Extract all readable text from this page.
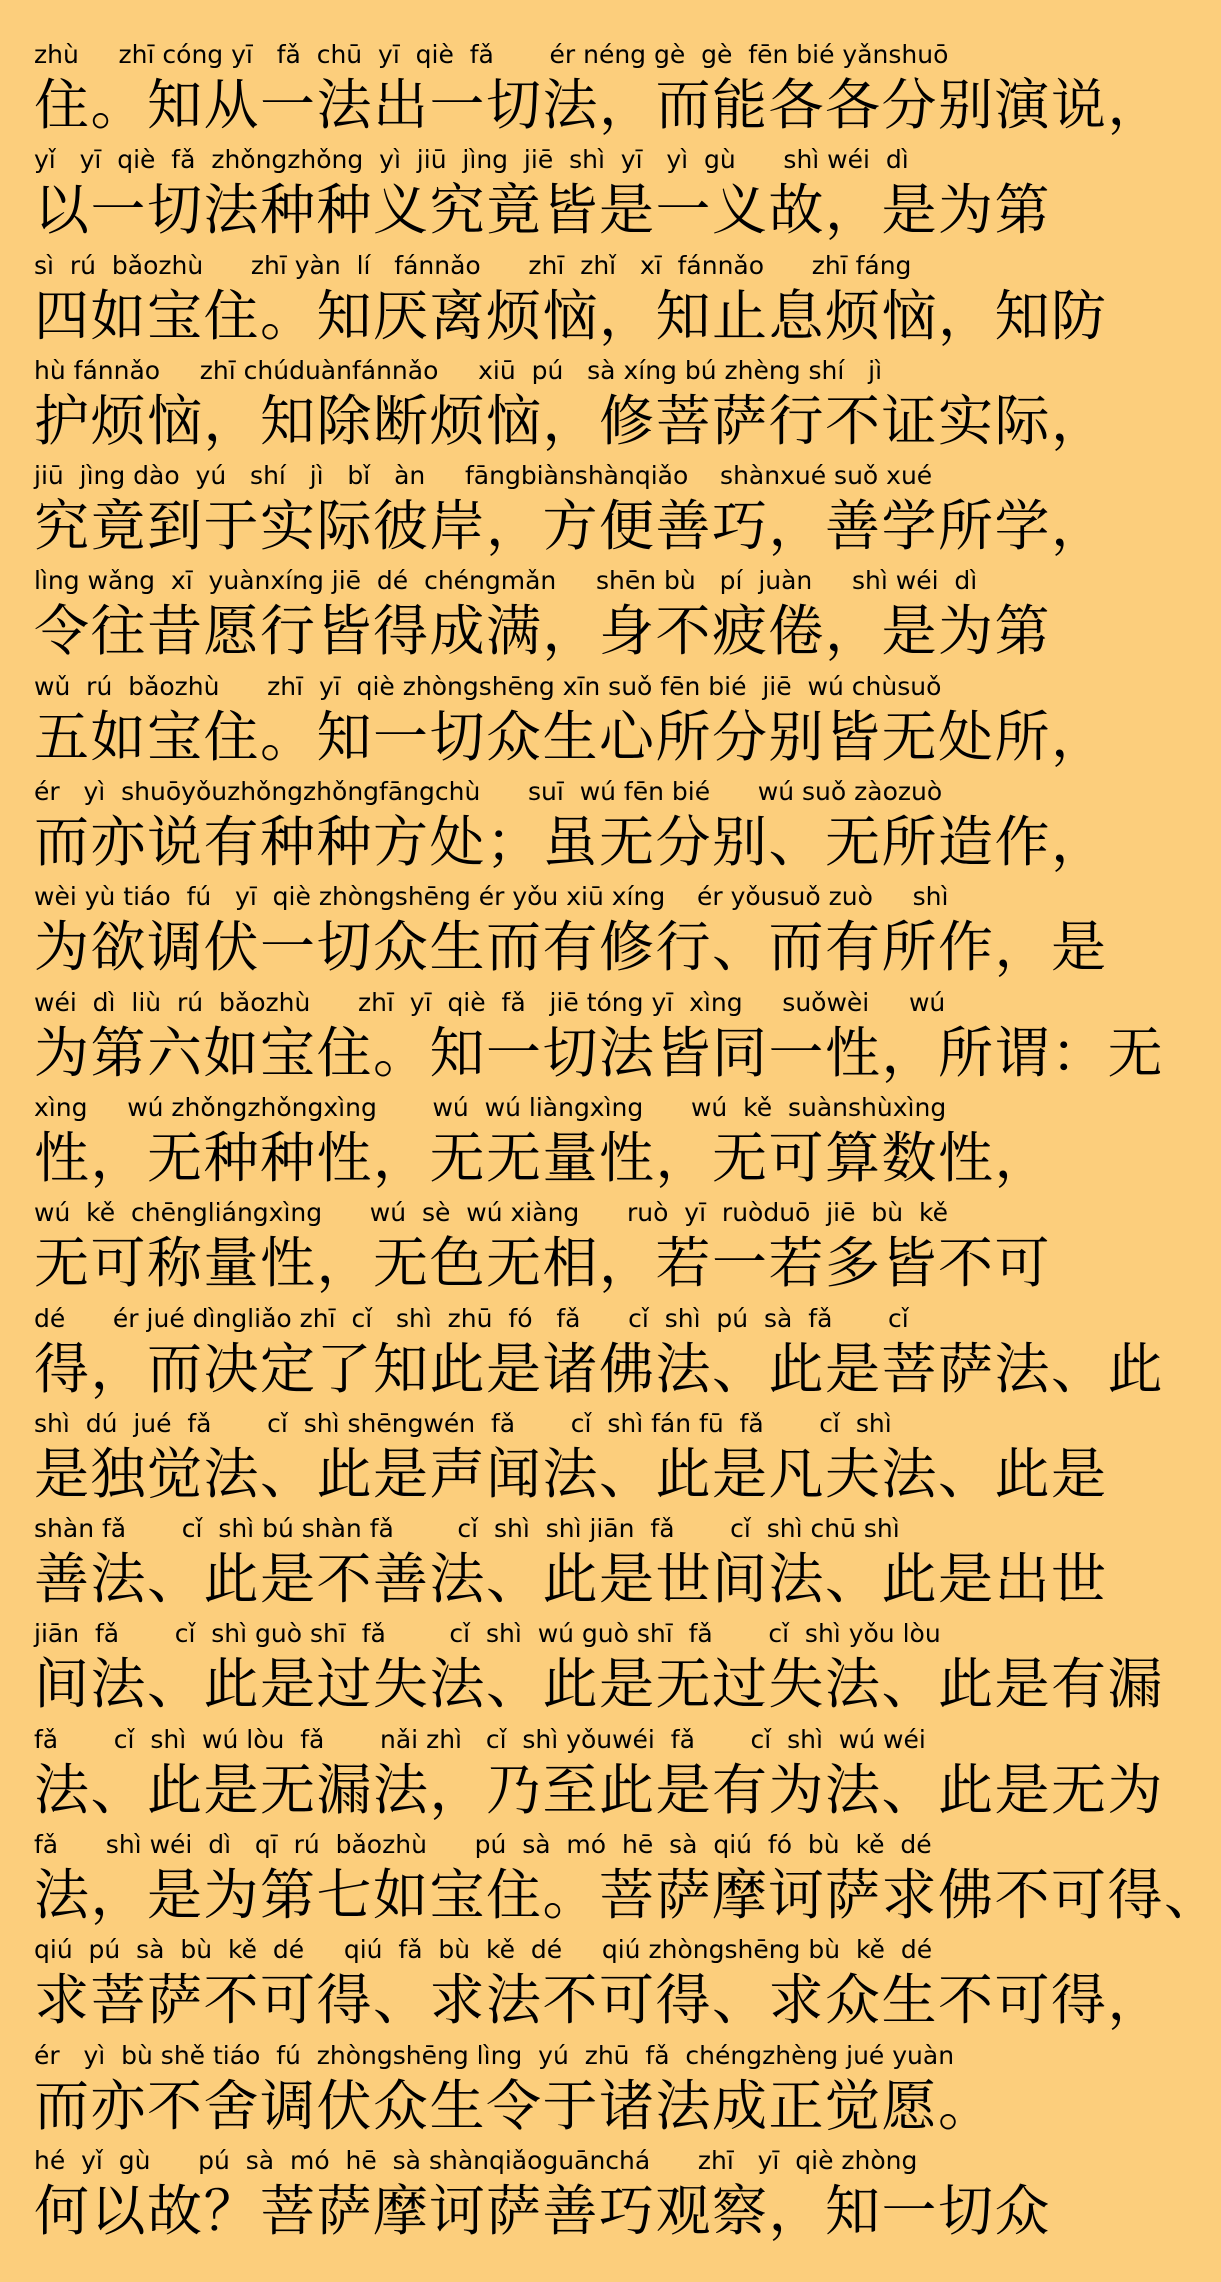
zhù     zhī cóng yī   fǎ  chū  yī  qiè  fǎ       ér néng gè  gè  fēn bié yǎnshuō
住。知从一法出一切法，而能各各分别演说，
yǐ   yī  qiè  fǎ  zhǒngzhǒng  yì  jiū  jìng  jiē  shì  yī   yì  gù      shì wéi  dì
以一切法种种义究竟皆是一义故，是为第
sì  rú  bǎozhù      zhī yàn  lí   fánnǎo      zhī  zhǐ   xī  fánnǎo      zhī fáng
四如宝住。知厌离烦恼，知止息烦恼，知防
hù fánnǎo     zhī chúduànfánnǎo     xiū  pú   sà xíng bú zhèng shí   jì
护烦恼，知除断烦恼，修菩萨行不证实际，
jiū  jìng dào  yú   shí   jì   bǐ   àn     fāngbiànshànqiǎo    shànxué suǒ xué
究竟到于实际彼岸，方便善巧，善学所学，
lìng wǎng  xī  yuànxíng jiē  dé  chéngmǎn     shēn bù   pí  juàn     shì wéi  dì
令往昔愿行皆得成满，身不疲倦，是为第
wǔ  rú  bǎozhù      zhī  yī  qiè zhòngshēng xīn suǒ fēn bié  jiē  wú chùsuǒ
五如宝住。知一切众生心所分别皆无处所，
ér   yì  shuōyǒuzhǒngzhǒngfāngchù      suī  wú fēn bié      wú suǒ zàozuò
而亦说有种种方处；虽无分别、无所造作，
wèi yù tiáo  fú   yī  qiè zhòngshēng ér yǒu xiū xíng    ér yǒusuǒ zuò     shì
为欲调伏一切众生而有修行、而有所作，是
wéi  dì  liù  rú  bǎozhù      zhī  yī  qiè  fǎ   jiē tóng yī  xìng     suǒwèi     wú
为第六如宝住。知一切法皆同一性，所谓：无
xìng     wú zhǒngzhǒngxìng       wú  wú liàngxìng      wú  kě  suànshùxìng
性，无种种性，无无量性，无可算数性，
wú  kě  chēngliángxìng      wú  sè  wú xiàng      ruò  yī  ruòduō  jiē  bù  kě
无可称量性，无色无相，若一若多皆不可
dé      ér jué dìngliǎo zhī  cǐ   shì  zhū  fó   fǎ      cǐ  shì  pú  sà  fǎ       cǐ
得，而决定了知此是诸佛法、此是菩萨法、此
shì  dú  jué  fǎ       cǐ  shì shēngwén  fǎ       cǐ  shì fán fū  fǎ       cǐ  shì
是独觉法、此是声闻法、此是凡夫法、此是
shàn fǎ       cǐ  shì bú shàn fǎ        cǐ  shì  shì jiān  fǎ       cǐ  shì chū shì
善法、此是不善法、此是世间法、此是出世
jiān  fǎ       cǐ  shì guò shī  fǎ        cǐ  shì  wú guò shī  fǎ       cǐ  shì yǒu lòu
间法、此是过失法、此是无过失法、此是有漏
fǎ       cǐ  shì  wú lòu  fǎ       nǎi zhì   cǐ  shì yǒuwéi  fǎ       cǐ  shì  wú wéi
法、此是无漏法，乃至此是有为法、此是无为
fǎ      shì wéi  dì   qī  rú  bǎozhù      pú  sà  mó  hē  sà  qiú  fó  bù  kě  dé
法，是为第七如宝住。菩萨摩诃萨求佛不可得、
qiú  pú  sà  bù  kě  dé     qiú  fǎ  bù  kě  dé     qiú zhòngshēng bù  kě  dé
求菩萨不可得、求法不可得、求众生不可得，
ér   yì  bù shě tiáo  fú  zhòngshēng lìng  yú  zhū  fǎ  chéngzhèng jué yuàn
而亦不舍调伏众生令于诸法成正觉愿。
hé  yǐ  gù      pú  sà  mó  hē  sà shànqiǎoguānchá      zhī   yī  qiè zhòng
何以故？菩萨摩诃萨善巧观察，知一切众
